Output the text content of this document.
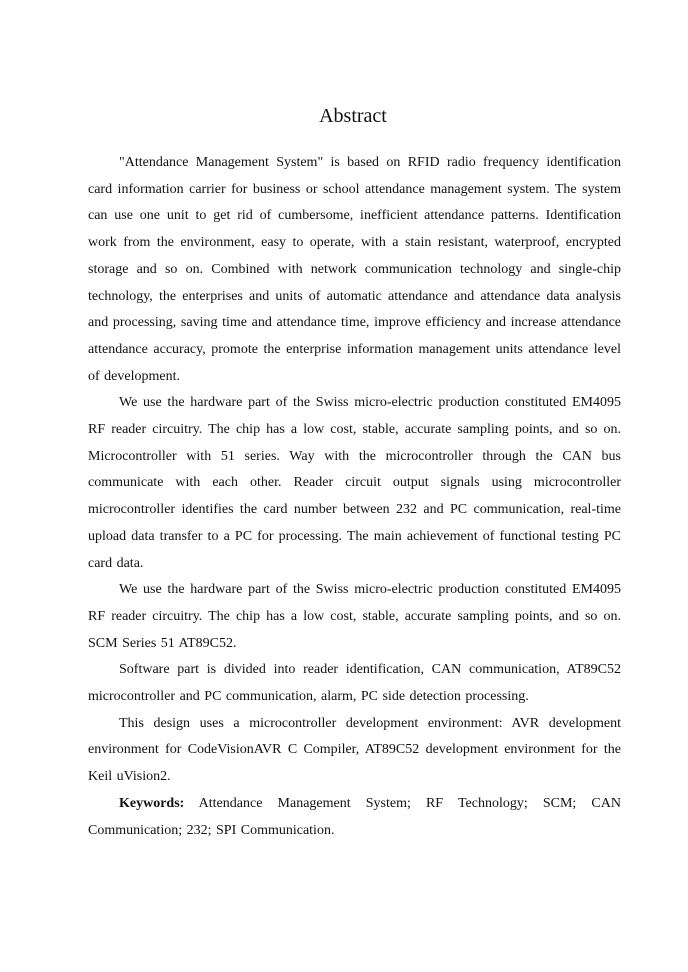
Abstract

"Attendance Management System" is based on RFID radio frequency identification card information carrier for business or school attendance management system. The system can use one unit to get rid of cumbersome, inefficient attendance patterns. Identification work from the environment, easy to operate, with a stain resistant, waterproof, encrypted storage and so on. Combined with network communication technology and single-chip technology, the enterprises and units of automatic attendance and attendance data analysis and processing, saving time and attendance time, improve efficiency and increase attendance attendance accuracy, promote the enterprise information management units attendance level of development.

We use the hardware part of the Swiss micro-electric production constituted EM4095 RF reader circuitry. The chip has a low cost, stable, accurate sampling points, and so on. Microcontroller with 51 series. Way with the microcontroller through the CAN bus communicate with each other. Reader circuit output signals using microcontroller microcontroller identifies the card number between 232 and PC communication, real-time upload data transfer to a PC for processing. The main achievement of functional testing PC card data.

We use the hardware part of the Swiss micro-electric production constituted EM4095 RF reader circuitry. The chip has a low cost, stable, accurate sampling points, and so on. SCM Series 51 AT89C52.

Software part is divided into reader identification, CAN communication, AT89C52 microcontroller and PC communication, alarm, PC side detection processing.

This design uses a microcontroller development environment: AVR development environment for CodeVisionAVR C Compiler, AT89C52 development environment for the Keil uVision2.

Keywords: Attendance Management System; RF Technology; SCM; CAN Communication; 232; SPI Communication.
